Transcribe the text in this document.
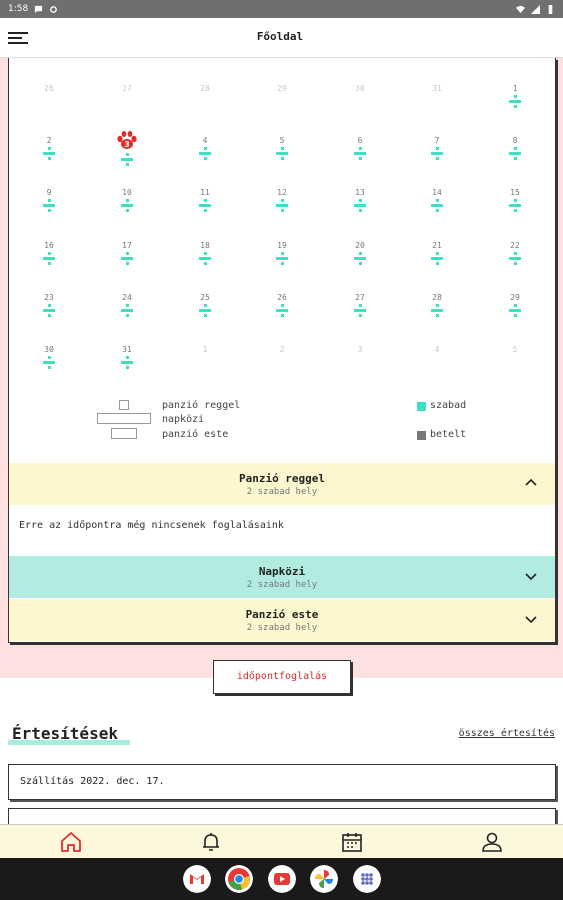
1:58
Főoldal
26	27	28	29	30	31	1
2	3	4	5	6	7	8
9	10	11	12	13	14	15
16	17	18	19	20	21	22
23	24	25	26	27	28	29
30	31	1	2	3	4	5
panzió reggel
napközi
panzió este
szabad
betelt
Panzió reggel
2 szabad hely
Erre az időpontra még nincsenek foglalásaink
Napközi
2 szabad hely
Panzió este
2 szabad hely
időpontfoglalás
Értesítések	összes értesítés
Szállítás 2022. dec. 17.
